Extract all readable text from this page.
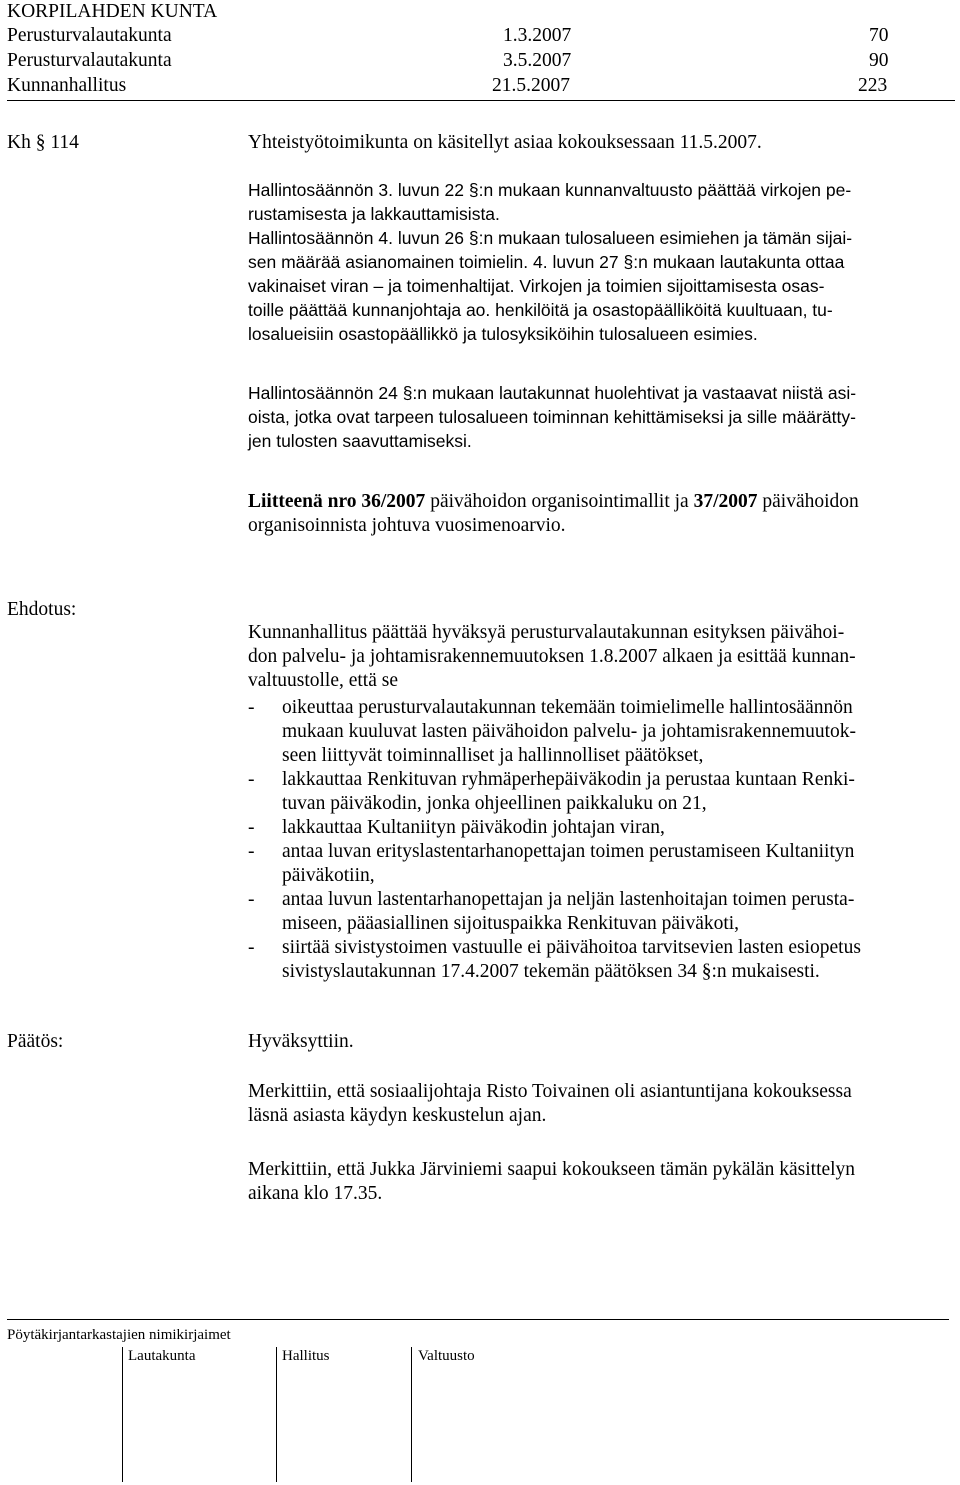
KORPILAHDEN KUNTA
Perusturvalautakunta	1.3.2007	70
Perusturvalautakunta	3.5.2007	90
Kunnanhallitus	21.5.2007	223
Kh § 114	Yhteistyötoimikunta on käsitellyt asiaa kokouksessaan 11.5.2007.
Hallintosäännön 3. luvun 22 §:n mukaan kunnanvaltuusto päättää virkojen pe-
rustamisesta ja lakkauttamisista.
Hallintosäännön 4. luvun 26 §:n mukaan tulosalueen esimiehen ja tämän sijai-
sen määrää asianomainen toimielin. 4. luvun 27 §:n mukaan lautakunta ottaa
vakinaiset viran – ja toimenhaltijat. Virkojen ja toimien sijoittamisesta osas-
toille päättää kunnanjohtaja ao. henkilöitä ja osastopäälliköitä kuultuaan, tu-
losalueisiin osastopäällikkö ja tulosyksiköihin tulosalueen esimies.
Hallintosäännön 24 §:n mukaan lautakunnat huolehtivat ja vastaavat niistä asi-
oista, jotka ovat tarpeen tulosalueen toiminnan kehittämiseksi ja sille määrätty-
jen tulosten saavuttamiseksi.
Liitteenä nro 36/2007 päivähoidon organisointimallit ja 37/2007 päivähoidon
organisoinnista johtuva vuosimenoarvio.
Ehdotus:
Kunnanhallitus päättää hyväksyä perusturvalautakunnan esityksen päivähoi-
don palvelu- ja johtamisrakennemuutoksen 1.8.2007 alkaen ja esittää kunnan-
valtuustolle, että se
- oikeuttaa perusturvalautakunnan tekemään toimielimelle hallintosäännön
mukaan kuuluvat lasten päivähoidon palvelu- ja johtamisrakennemuutok-
seen liittyvät toiminnalliset ja hallinnolliset päätökset,
- lakkauttaa Renkituvan ryhmäperhepäiväkodin ja perustaa kuntaan Renki-
tuvan päiväkodin, jonka ohjeellinen paikkaluku on 21,
- lakkauttaa Kultaniityn päiväkodin johtajan viran,
- antaa luvan erityslastentarhanopettajan toimen perustamiseen Kultaniityn
päiväkotiin,
- antaa luvun lastentarhanopettajan ja neljän lastenhoitajan toimen perusta-
miseen, pääasiallinen sijoituspaikka Renkituvan päiväkoti,
- siirtää sivistystoimen vastuulle ei päivähoitoa tarvitsevien lasten esiopetus
sivistyslautakunnan 17.4.2007 tekemän päätöksen 34 §:n mukaisesti.
Päätös:	Hyväksyttiin.
Merkittiin, että sosiaalijohtaja Risto Toivainen oli asiantuntijana kokouksessa
läsnä asiasta käydyn keskustelun ajan.
Merkittiin, että Jukka Järviniemi saapui kokoukseen tämän pykälän käsittelyn
aikana klo 17.35.
Pöytäkirjantarkastajien nimikirjaimet
Lautakunta	Hallitus	Valtuusto
